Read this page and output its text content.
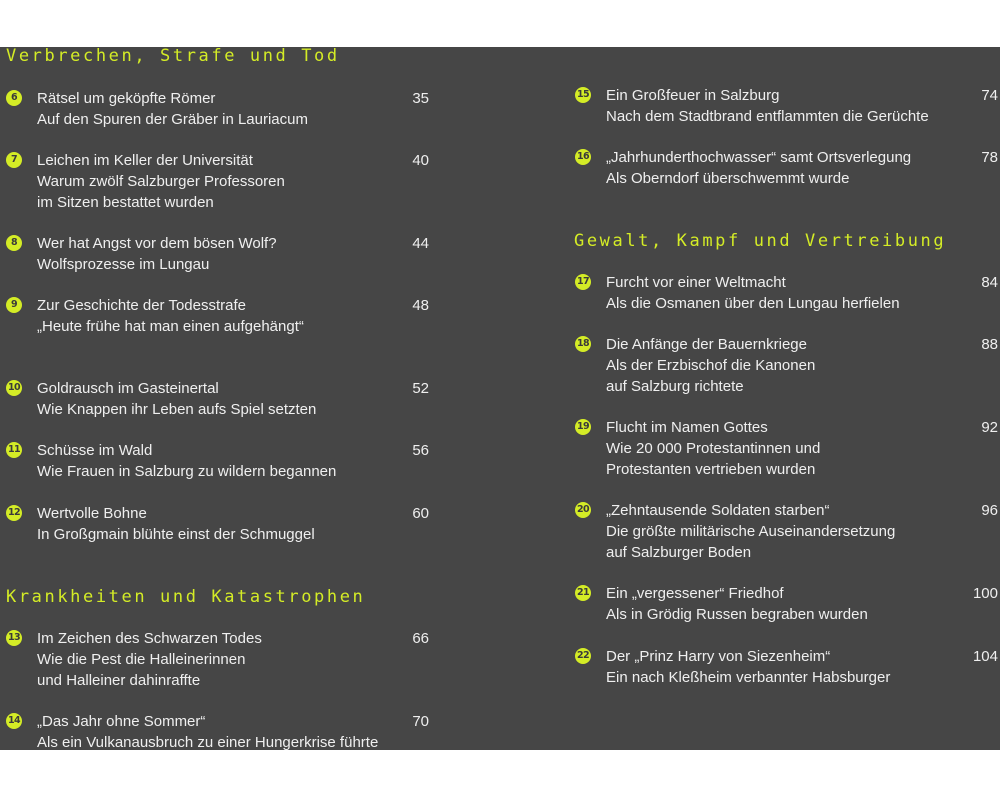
Verbrechen, Strafe und Tod
6	Rätsel um geköpfte Römer
Auf den Spuren der Gräber in Lauriacum
35
7	Leichen im Keller der Universität
Warum zwölf Salzburger Professoren
im Sitzen bestattet wurden
40
8	Wer hat Angst vor dem bösen Wolf?
Wolfsprozesse im Lungau
44
9	Zur Geschichte der Todesstrafe
„Heute frühe hat man einen aufgehängt“
48
10 Goldrausch im Gasteinertal
Wie Knappen ihr Leben aufs Spiel setzten
52
11 Schüsse im Wald
Wie Frauen in Salzburg zu wildern begannen
56
12 Wertvolle Bohne
In Großgmain blühte einst der Schmuggel
60
Krankheiten und Katastrophen
13 Im Zeichen des Schwarzen Todes
Wie die Pest die Halleinerinnen
und Halleiner dahinraffte
66
14 „Das Jahr ohne Sommer“
Als ein Vulkanausbruch zu einer Hungerkrise führte
70
15 Ein Großfeuer in Salzburg
Nach dem Stadtbrand entflammten die Gerüchte
74
16 „Jahrhunderthochwasser“ samt Ortsverlegung
Als Oberndorf überschwemmt wurde
78
Gewalt, Kampf und Vertreibung
17 Furcht vor einer Weltmacht
Als die Osmanen über den Lungau herfielen
84
18 Die Anfänge der Bauernkriege
Als der Erzbischof die Kanonen
auf Salzburg richtete
88
19 Flucht im Namen Gottes
Wie 20 000 Protestantinnen und
Protestanten vertrieben wurden
92
20 „Zehntausende Soldaten starben“
Die größte militärische Auseinandersetzung
auf Salzburger Boden
96
21 Ein „vergessener“ Friedhof
Als in Grödig Russen begraben wurden
100
22 Der „Prinz Harry von Siezenheim“
Ein nach Kleßheim verbannter Habsburger
104
